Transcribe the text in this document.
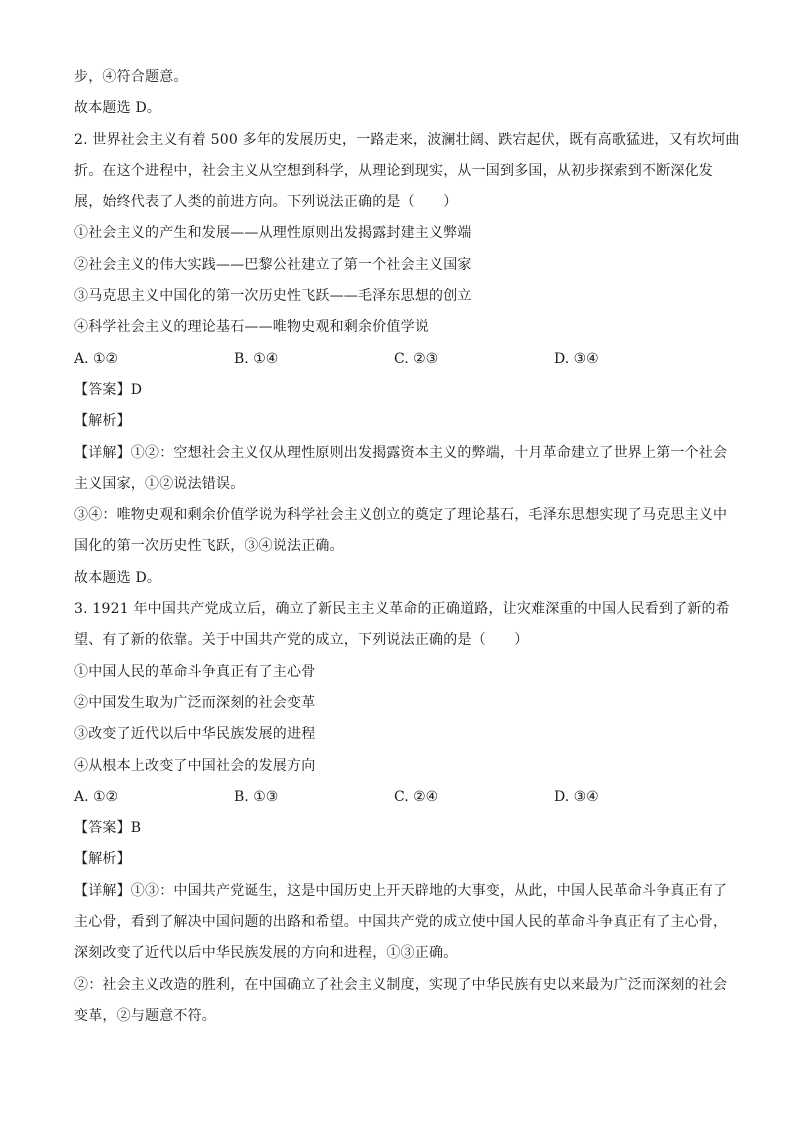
步，④符合题意。
故本题选 D。
2. 世界社会主义有着 500 多年的发展历史，一路走来，波澜壮阔、跌宕起伏，既有高歌猛进，又有坎坷曲
折。在这个进程中，社会主义从空想到科学，从理论到现实，从一国到多国，从初步探索到不断深化发
展，始终代表了人类的前进方向。下列说法正确的是（　　）
①社会主义的产生和发展——从理性原则出发揭露封建主义弊端
②社会主义的伟大实践——巴黎公社建立了第一个社会主义国家
③马克思主义中国化的第一次历史性飞跃——毛泽东思想的创立
④科学社会主义的理论基石——唯物史观和剩余价值学说
A. ①②	B. ①④	C. ②③	D. ③④
【答案】D
【解析】
【详解】①②：空想社会主义仅从理性原则出发揭露资本主义的弊端，十月革命建立了世界上第一个社会
主义国家，①②说法错误。
③④：唯物史观和剩余价值学说为科学社会主义创立的奠定了理论基石，毛泽东思想实现了马克思主义中
国化的第一次历史性飞跃，③④说法正确。
故本题选 D。
3. 1921 年中国共产党成立后，确立了新民主主义革命的正确道路，让灾难深重的中国人民看到了新的希
望、有了新的依靠。关于中国共产党的成立，下列说法正确的是（　　）
①中国人民的革命斗争真正有了主心骨
②中国发生取为广泛而深刻的社会变革
③改变了近代以后中华民族发展的进程
④从根本上改变了中国社会的发展方向
A. ①②	B. ①③	C. ②④	D. ③④
【答案】B
【解析】
【详解】①③：中国共产党诞生，这是中国历史上开天辟地的大事变，从此，中国人民革命斗争真正有了
主心骨，看到了解决中国问题的出路和希望。中国共产党的成立使中国人民的革命斗争真正有了主心骨，
深刻改变了近代以后中华民族发展的方向和进程，①③正确。
②：社会主义改造的胜利，在中国确立了社会主义制度，实现了中华民族有史以来最为广泛而深刻的社会
变革，②与题意不符。
